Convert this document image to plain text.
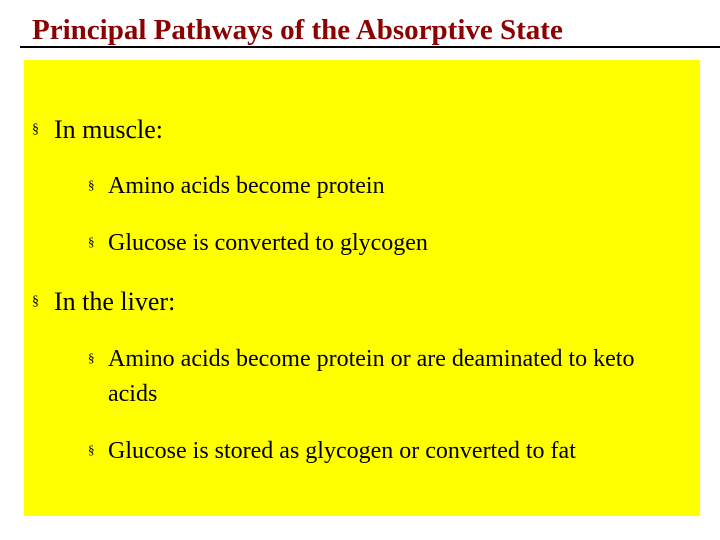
Principal Pathways of the Absorptive State
§ In muscle:
§ Amino acids become protein
§ Glucose is converted to glycogen
§ In the liver:
§ Amino acids become protein or are deaminated to keto acids
§ Glucose is stored as glycogen or converted to fat
